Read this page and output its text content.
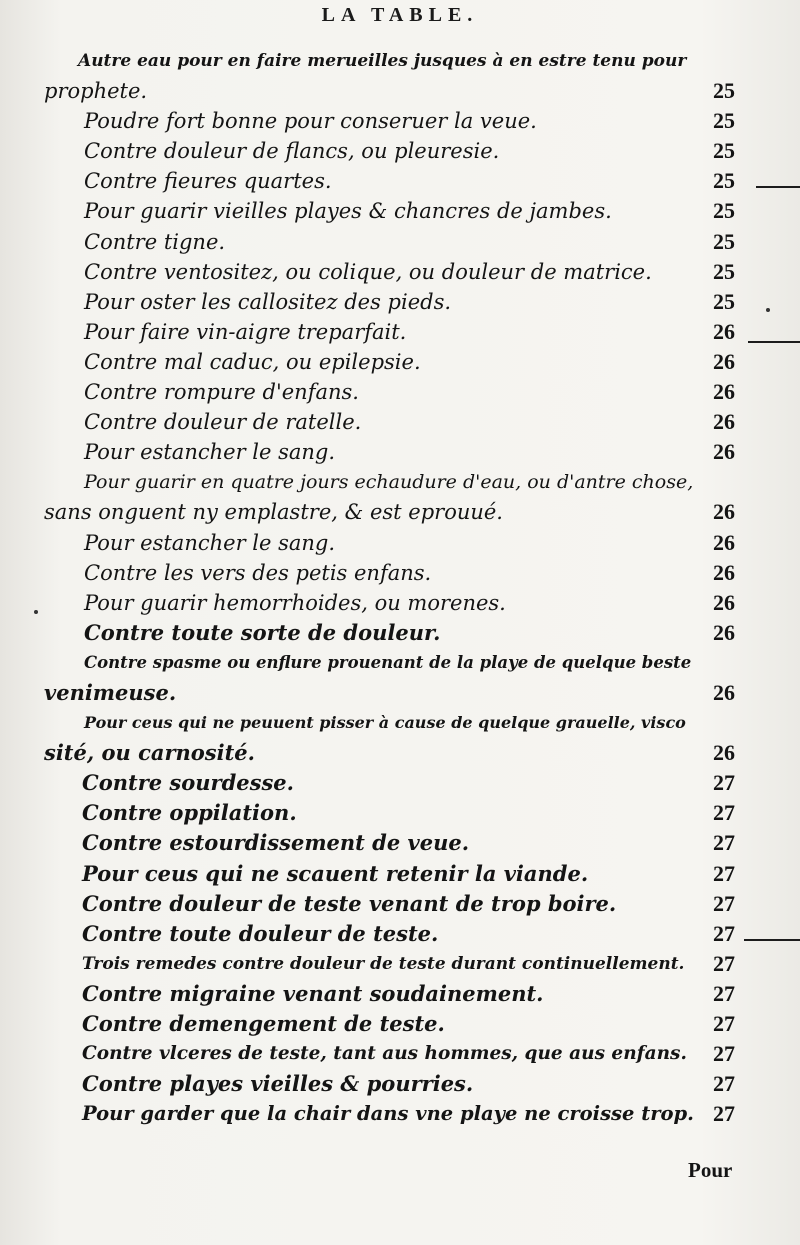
LA TABLE.
Autre eau pour en faire merueilles jusques à en estre tenu pour
prophete.	25
Poudre fort bonne pour conseruer la veue.	25
Contre douleur de flancs, ou pleuresie.	25
Contre fieures quartes.	25
Pour guarir vieilles playes & chancres de jambes.	25
Contre tigne.	25
Contre ventositez, ou colique, ou douleur de matrice.	25
Pour oster les callositez des pieds.	25
Pour faire vin-aigre treparfait.	26
Contre mal caduc, ou epilepsie.	26
Contre rompure d'enfans.	26
Contre douleur de ratelle.	26
Pour estancher le sang.	26
Pour guarir en quatre jours echaudure d'eau, ou d'antre chose,
sans onguent ny emplastre, & est eprouué.	26
Pour estancher le sang.	26
Contre les vers des petis enfans.	26
Pour guarir hemorrhoides, ou morenes.	26
Contre toute sorte de douleur.	26
Contre spasme ou enflure prouenant de la playe de quelque beste
venimeuse.	26
Pour ceus qui ne peuuent pisser à cause de quelque grauelle, visco
sité, ou carnosité.	26
Contre sourdesse.	27
Contre oppilation.	27
Contre estourdissement de veue.	27
Pour ceus qui ne scauent retenir la viande.	27
Contre douleur de teste venant de trop boire.	27
Contre toute douleur de teste.	27
Trois remedes contre douleur de teste durant continuellement.	27
Contre migraine venant soudainement.	27
Contre demengement de teste.	27
Contre vlceres de teste, tant aus hommes, que aus enfans.	27
Contre playes vieilles & pourries.	27
Pour garder que la chair dans vne playe ne croisse trop. 27
Pour
